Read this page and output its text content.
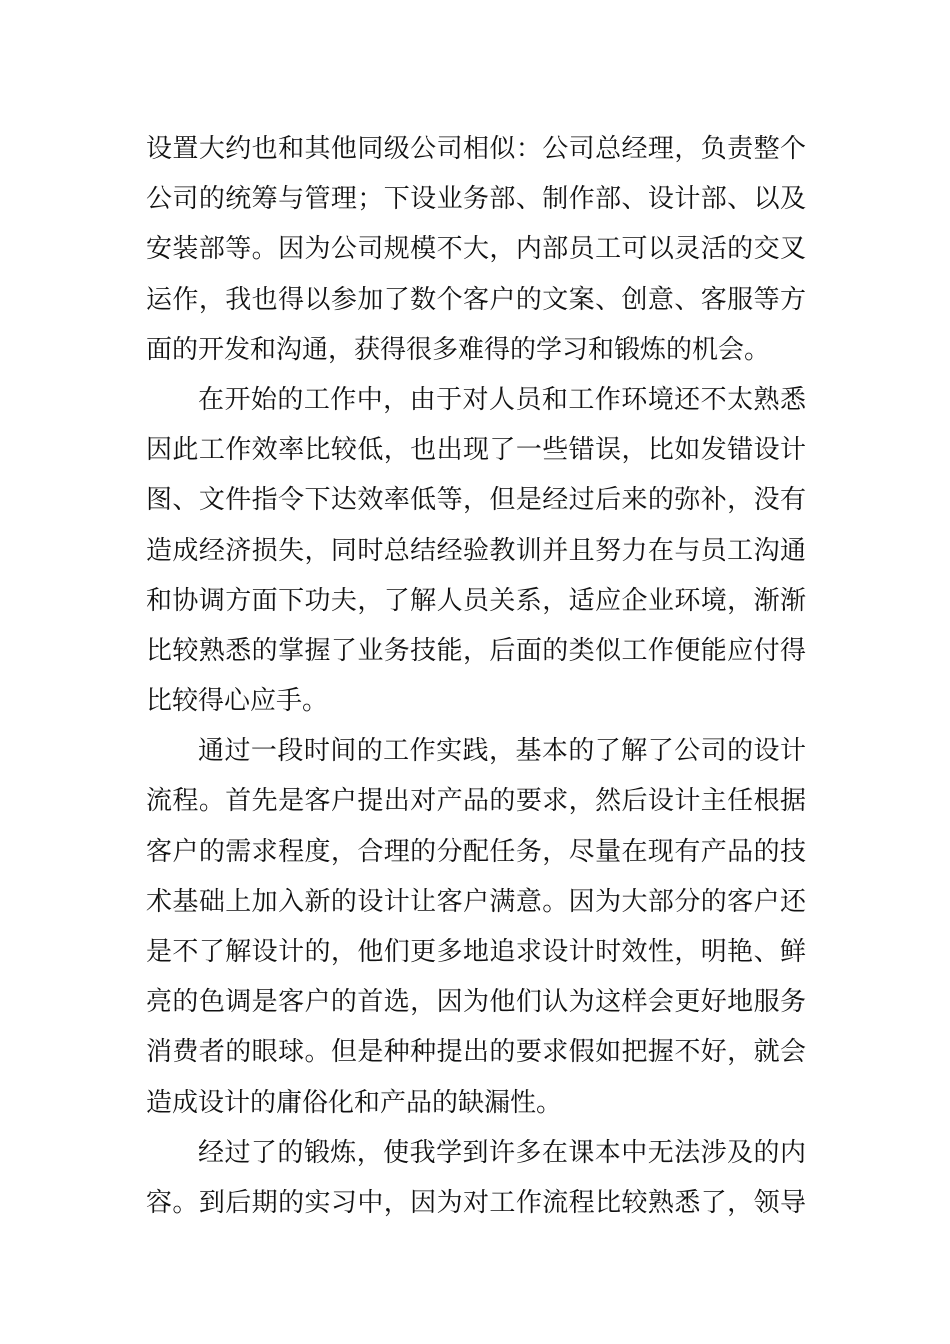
设置大约也和其他同级公司相似：公司总经理，负责整个
公司的统筹与管理；下设业务部、制作部、设计部、以及
安装部等。因为公司规模不大，内部员工可以灵活的交叉
运作，我也得以参加了数个客户的文案、创意、客服等方
面的开发和沟通，获得很多难得的学习和锻炼的机会。
在开始的工作中，由于对人员和工作环境还不太熟悉
因此工作效率比较低，也出现了一些错误，比如发错设计
图、文件指令下达效率低等，但是经过后来的弥补，没有
造成经济损失，同时总结经验教训并且努力在与员工沟通
和协调方面下功夫，了解人员关系，适应企业环境，渐渐
比较熟悉的掌握了业务技能，后面的类似工作便能应付得
比较得心应手。
通过一段时间的工作实践，基本的了解了公司的设计
流程。首先是客户提出对产品的要求，然后设计主任根据
客户的需求程度，合理的分配任务，尽量在现有产品的技
术基础上加入新的设计让客户满意。因为大部分的客户还
是不了解设计的，他们更多地追求设计时效性，明艳、鲜
亮的色调是客户的首选，因为他们认为这样会更好地服务
消费者的眼球。但是种种提出的要求假如把握不好，就会
造成设计的庸俗化和产品的缺漏性。
经过了的锻炼，使我学到许多在课本中无法涉及的内
容。到后期的实习中，因为对工作流程比较熟悉了，领导
